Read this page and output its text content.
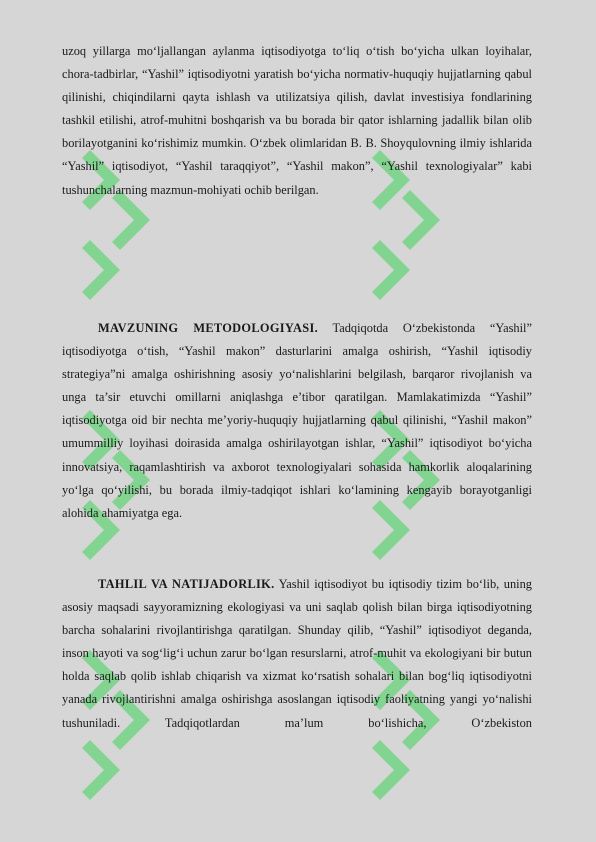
uzoq yillarga mo‘ljallangan aylanma iqtisodiyotga to‘liq o‘tish bo‘yicha ulkan loyihalar, chora-tadbirlar, “Yashil” iqtisodiyotni yaratish bo‘yicha normativ-huquqiy hujjatlarning qabul qilinishi, chiqindilarni qayta ishlash va utilizatsiya qilish, davlat investisiya fondlarining tashkil etilishi, atrof-muhitni boshqarish va bu borada bir qator ishlarning jadallik bilan olib borilayotganini ko‘rishimiz mumkin. O‘zbek olimlaridan B. B. Shoyqulovning ilmiy ishlarida “Yashil” iqtisodiyot, “Yashil taraqqiyot”, “Yashil makon”, “Yashil texnologiyalar” kabi tushunchalarning mazmun-mohiyati ochib berilgan.

MAVZUNING METODOLOGIYASI. Tadqiqotda O‘zbekistonda “Yashil” iqtisodiyotga o‘tish, “Yashil makon” dasturlarini amalga oshirish, “Yashil iqtisodiy strategiya”ni amalga oshirishning asosiy yo‘nalishlarini belgilash, barqaror rivojlanish va unga ta’sir etuvchi omillarni aniqlashga e’tibor qaratilgan. Mamlakatimizda “Yashil” iqtisodiyotga oid bir nechta me’yoriy-huquqiy hujjatlarning qabul qilinishi, “Yashil makon” umummilliy loyihasi doirasida amalga oshirilayotgan ishlar, “Yashil” iqtisodiyot bo‘yicha innovatsiya, raqamlashtirish va axborot texnologiyalari sohasida hamkorlik aloqalarining yo‘lga qo‘yilishi, bu borada ilmiy-tadqiqot ishlari ko‘lamining kengayib borayotganligi alohida ahamiyatga ega.

TAHLIL VA NATIJADORLIK. Yashil iqtisodiyot bu iqtisodiy tizim bo‘lib, uning asosiy maqsadi sayyoramizning ekologiyasi va uni saqlab qolish bilan birga iqtisodiyotning barcha sohalarini rivojlantirishga qaratilgan. Shunday qilib, “Yashil” iqtisodiyot deganda, inson hayoti va sog‘lig‘i uchun zarur bo‘lgan resurslarni, atrof-muhit va ekologiyani bir butun holda saqlab qolib ishlab chiqarish va xizmat ko‘rsatish sohalari bilan bog‘liq iqtisodiyotni yanada rivojlantirishni amalga oshirishga asoslangan iqtisodiy faoliyatning yangi yo‘nalishi tushuniladi. Tadqiqotlardan ma’lum bo‘lishicha, O‘zbekiston
